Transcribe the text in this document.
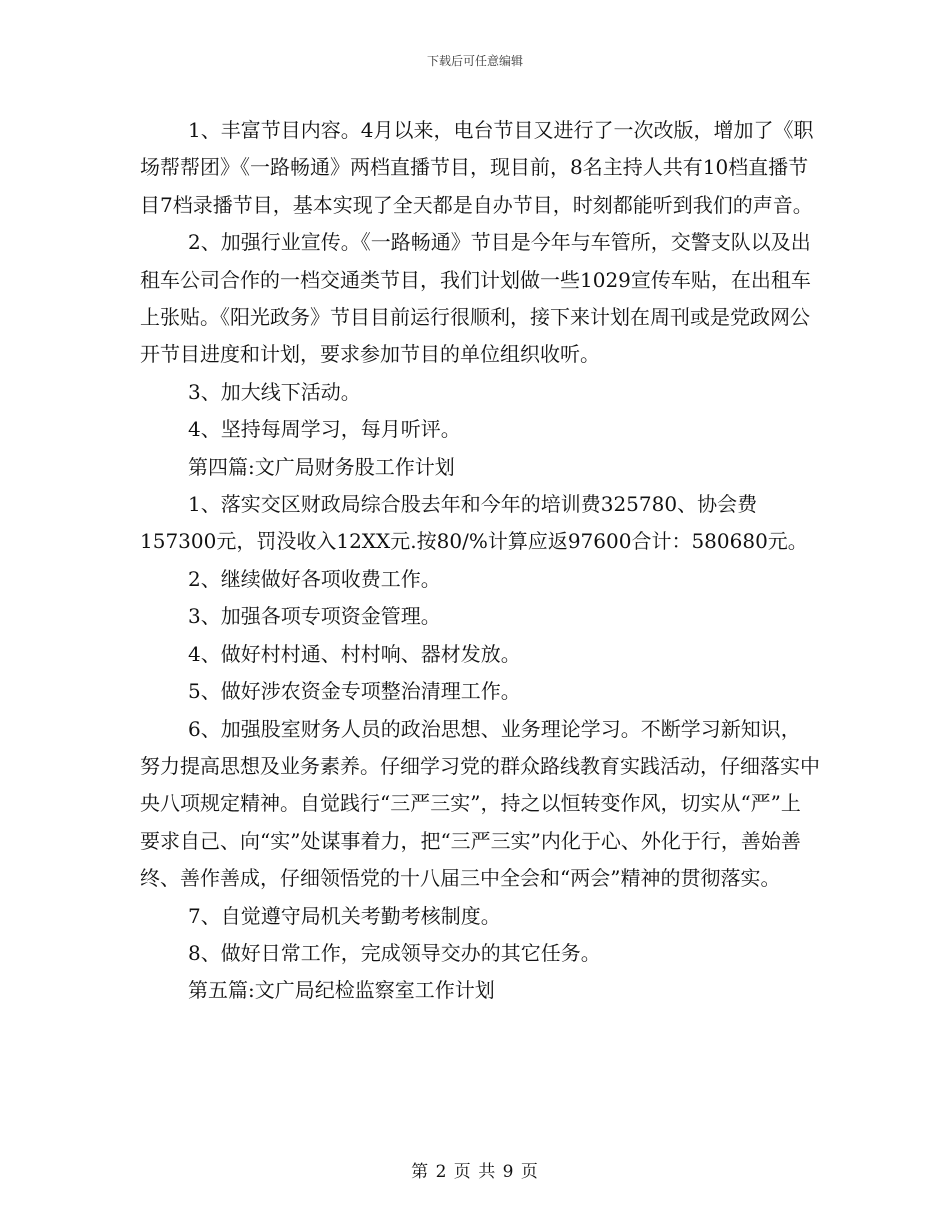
下载后可任意编辑

1、丰富节目内容。4月以来，电台节目又进行了一次改版，增加了《职场帮帮团》《一路畅通》两档直播节目，现目前，8名主持人共有10档直播节目7档录播节目，基本实现了全天都是自办节目，时刻都能听到我们的声音。

2、加强行业宣传。《一路畅通》节目是今年与车管所，交警支队以及出租车公司合作的一档交通类节目，我们计划做一些1029宣传车贴，在出租车上张贴。《阳光政务》节目目前运行很顺利，接下来计划在周刊或是党政网公开节目进度和计划，要求参加节目的单位组织收听。

3、加大线下活动。

4、坚持每周学习，每月听评。

第四篇:文广局财务股工作计划

1、落实交区财政局综合股去年和今年的培训费325780、协会费157300元，罚没收入12XX元.按80/%计算应返97600合计：580680元。

2、继续做好各项收费工作。

3、加强各项专项资金管理。

4、做好村村通、村村响、器材发放。

5、做好涉农资金专项整治清理工作。

6、加强股室财务人员的政治思想、业务理论学习。不断学习新知识，努力提高思想及业务素养。仔细学习党的群众路线教育实践活动，仔细落实中央八项规定精神。自觉践行“三严三实”，持之以恒转变作风，切实从“严”上要求自己、向“实”处谋事着力，把“三严三实”内化于心、外化于行，善始善终、善作善成，仔细领悟党的十八届三中全会和“两会”精神的贯彻落实。

7、自觉遵守局机关考勤考核制度。

8、做好日常工作，完成领导交办的其它任务。

第五篇:文广局纪检监察室工作计划

第 2 页 共 9 页
